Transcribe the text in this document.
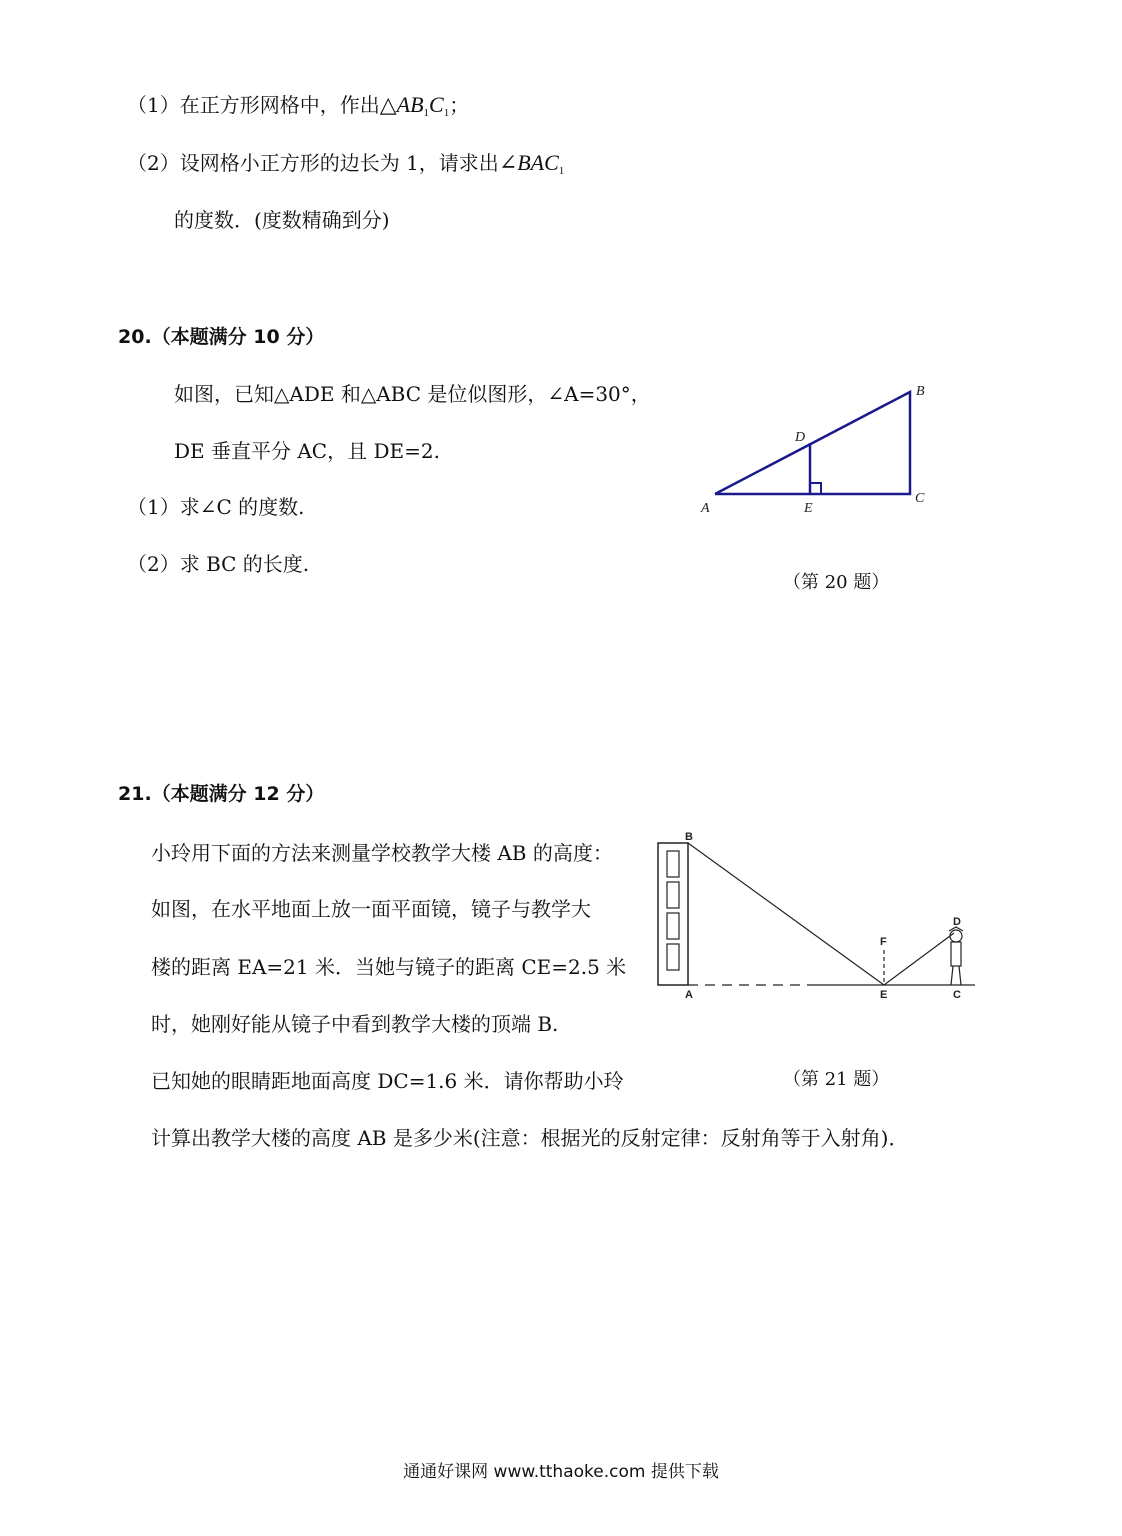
（1）在正方形网格中，作出$\triangle AB_1C_1$；
（2）设网格小正方形的边长为 1，请求出$\angle BAC_1$
的度数．(度数精确到分)
20.（本题满分 10 分）
如图，已知△ADE 和△ABC 是位似图形，∠A=30°，
DE 垂直平分 AC，且 DE=2.
（1）求∠C 的度数.
（2）求 BC 的长度.
（第 20 题）
A
B
C
D
E
21.（本题满分 12 分）
小玲用下面的方法来测量学校教学大楼 AB 的高度：
如图，在水平地面上放一面平面镜，镜子与教学大
楼的距离 EA=21 米．当她与镜子的距离 CE=2.5 米
时，她刚好能从镜子中看到教学大楼的顶端 B.
已知她的眼睛距地面高度 DC=1.6 米．请你帮助小玲	（第 21 题）
计算出教学大楼的高度 AB 是多少米(注意：根据光的反射定律：反射角等于入射角)．
B
A	E
F
C
D
通通好课网 www.tthaoke.com 提供下载
